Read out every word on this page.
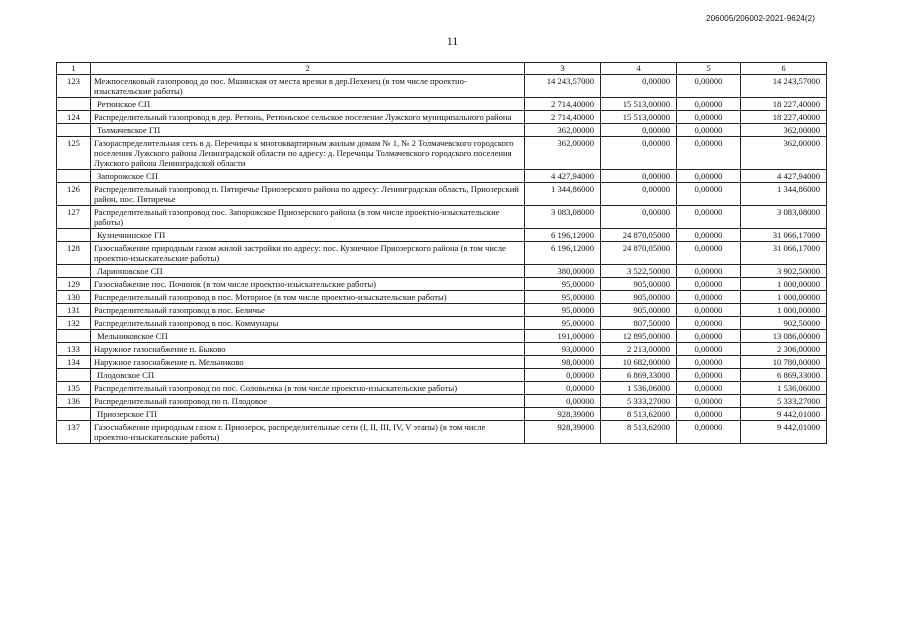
206005/206002-2021-9624(2)
11
1	2	3	4	5	6
123	Межпоселковый газопровод до пос. Мшинская от места врезки в дер.Пехенец (в том числе проектно-изыскательские работы)	14 243,57000	0,00000	0,00000	14 243,57000
	Ретюнское СП	2 714,40000	15 513,00000	0,00000	18 227,40000
124	Распределительный газопровод в дер. Ретюнь, Ретюньское сельское поселение Лужского муниципального района	2 714,40000	15 513,00000	0,00000	18 227,40000
	Толмачевское ГП	362,00000	0,00000	0,00000	362,00000
125	Газораспределительная сеть в д. Перечицы к многоквартирным жилым домам № 1, № 2 Толмачевского городского поселения Лужского района Ленинградской области по адресу: д. Перечицы Толмачевского городского поселения Лужского района Ленинградской области	362,00000	0,00000	0,00000	362,00000
	Запорожское СП	4 427,94000	0,00000	0,00000	4 427,94000
126	Распределительный газопровод п. Пятиречье Приозерского района по адресу: Ленинградская область, Приозерский район, пос. Пятиречье	1 344,86000	0,00000	0,00000	1 344,86000
127	Распределительный газопровод пос. Запорожское Приозерского района (в том числе проектно-изыскательские работы)	3 083,08000	0,00000	0,00000	3 083,08000
	Кузнечнинское ГП	6 196,12000	24 870,05000	0,00000	31 066,17000
128	Газоснабжение природным газом жилой застройки по адресу: пос. Кузнечное Приозерского района (в том числе проектно-изыскательские работы)	6 196,12000	24 870,05000	0,00000	31 066,17000
	Ларионовское СП	380,00000	3 522,50000	0,00000	3 902,50000
129	Газоснабжение пос. Починок (в том числе проектно-изыскательские работы)	95,00000	905,00000	0,00000	1 000,00000
130	Распределительный газопровод в пос. Моторное (в том числе проектно-изыскательские работы)	95,00000	905,00000	0,00000	1 000,00000
131	Распределительный газопровод в пос. Беличье	95,00000	905,00000	0,00000	1 000,00000
132	Распределительный газопровод в пос. Коммунары	95,00000	807,50000	0,00000	902,50000
	Мельниковское СП	191,00000	12 895,00000	0,00000	13 086,00000
133	Наружное газоснабжение п. Быково	93,00000	2 213,00000	0,00000	2 306,00000
134	Наружное газоснабжение п. Мельниково	98,00000	10 682,00000	0,00000	10 780,00000
	Плодовское СП	0,00000	6 869,33000	0,00000	6 869,33000
135	Распределительный газопровод по пос. Соловьевка (в том числе проектно-изыскательские работы)	0,00000	1 536,06000	0,00000	1 536,06000
136	Распределительный газопровод по п. Плодовое	0,00000	5 333,27000	0,00000	5 333,27000
	Приозерское ГП	928,39000	8 513,62000	0,00000	9 442,01000
137	Газоснабжение природным газом г. Приозерск, распределительные сети (I, II, III, IV, V этапы) (в том числе проектно-изыскательские работы)	928,39000	8 513,62000	0,00000	9 442,01000
